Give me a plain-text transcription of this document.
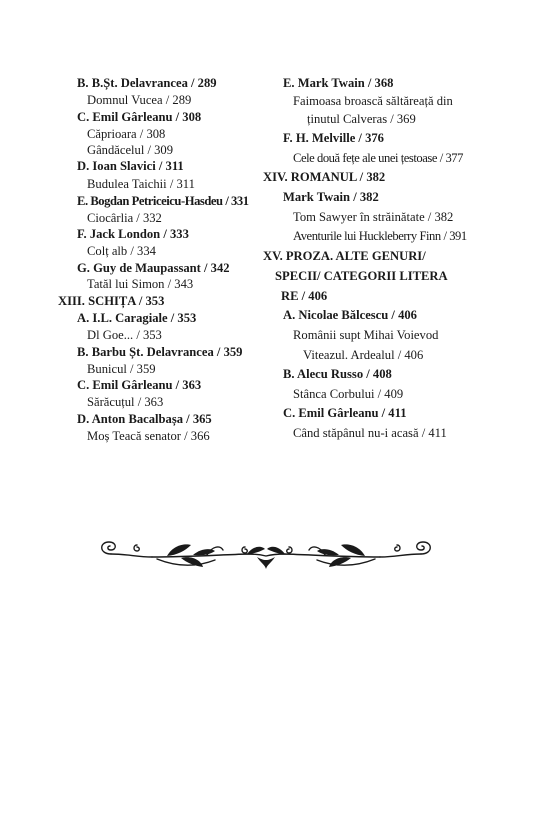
B. B.Șt. Delavrancea / 289
Domnul Vucea / 289
C. Emil Gârleanu / 308
Căprioara / 308
Gândăcelul / 309
D. Ioan Slavici / 311
Budulea Taichii / 311
E. Bogdan Petriceicu-Hasdeu / 331
Ciocârlia / 332
F. Jack London / 333
Colț alb / 334
G. Guy de Maupassant / 342
Tatăl lui Simon / 343
XIII. SCHIȚA / 353
A. I.L. Caragiale / 353
Dl Goe... / 353
B. Barbu Șt. Delavrancea / 359
Bunicul / 359
C. Emil Gârleanu / 363
Sărăcuțul / 363
D. Anton Bacalbașa / 365
Moș Teacă senator / 366
E. Mark Twain / 368
Faimoasa broască săltăreață din
ținutul Calveras / 369
F. H. Melville / 376
Cele două fețe ale unei țestoase / 377
XIV. ROMANUL / 382
Mark Twain / 382
Tom Sawyer în străinătate / 382
Aventurile lui Huckleberry Finn / 391
XV. PROZA. ALTE GENURI/
SPECII/ CATEGORII LITERA
RE / 406
A. Nicolae Bălcescu / 406
Românii supt Mihai Voievod
Viteazul. Ardealul / 406
B. Alecu Russo / 408
Stânca Corbului / 409
C. Emil Gârleanu / 411
Când stăpânul nu-i acasă / 411
